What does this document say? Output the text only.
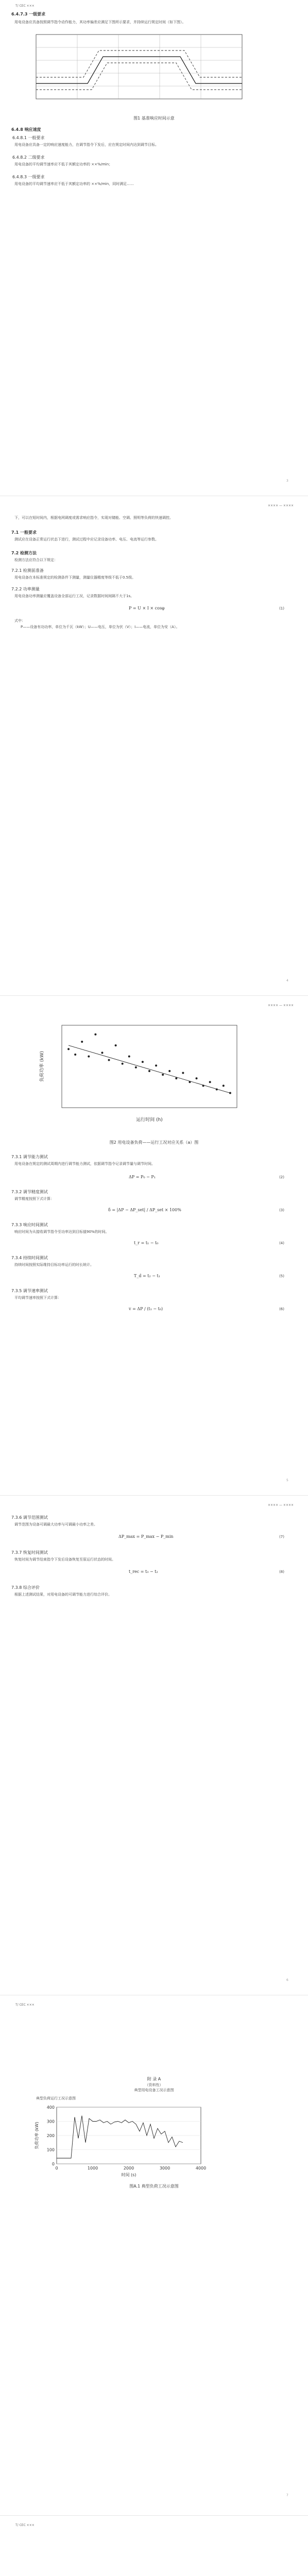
T/ CEC ×××
6.4.7.3 一级要求

用电设备应具备按照调节指令动作能力，其功率偏差应满足下图所示要求，并持续运行规定时间（如下图）。

图1 基准响应时间示意
6.4.8 响应速度
6.4.8.1 一般要求

用电设备应具备一定的响应速度能力，在调节指令下发后，应在规定时间内达到调节目标。

6.4.8.2 二级要求

用电设备的平均调节速率应不低于其额定功率的 ××%/min；

6.4.8.3 一级要求

用电设备的平均调节速率应不低于其额定功率的 ××%/min，同时满足……

3
×××× — ××××

下，可以在短时间内，根据电网调度或需求响应指令，实现对储能、空调、照明等负荷的快速调控。

7.1 一般要求

测试应在设备正常运行状态下进行，测试过程中应记录设备功率、电压、电流等运行参数。

7.2 检测方法

检测方法应符合以下规定：

7.2.1 检测前准备

用电设备在本标准规定的检测条件下测量，测量仪器精度等级不低于0.5级。

7.2.2 功率测量

用电设备功率测量应覆盖设备全部运行工况，记录数据时间间隔不大于1s。

P = U × I × cosφ	(1)
式中：

P——设备有功功率，单位为千瓦（kW）；U——电压，单位为伏（V）；I——电流，单位为安（A）。

4
×××× — ××××
运行时间 (h)
负荷功率 (kW)
图2 用电设备负荷——运行工况对应关系（a）图
7.3.1 调节能力测试

用电设备在规定的测试周期内进行调节能力测试，依据调节指令记录调节量与调节时间。

ΔP = P₀ − P₁	(2)
7.3.2 调节精度测试

调节精度按照下式计算：

δ = |ΔP − ΔP_set| / ΔP_set × 100%	(3)
7.3.3 响应时间测试

响应时间为从接收调节指令至功率达到目标值90%的时间。

t_r = t₁ − t₀	(4)
7.3.4 持续时间测试

持续时间按照实际维持目标功率运行的时长统计。

T_d = t₂ − t₁	(5)
7.3.5 调节速率测试

平均调节速率按照下式计算：

v = ΔP / (t₁ − t₀)	(6)
5
×××× — ××××
7.3.6 调节范围测试

调节范围为设备可调最大功率与可调最小功率之差。

ΔP_max = P_max − P_min	(7)
7.3.7 恢复时间测试

恢复时间为调节结束指令下发后设备恢复至原运行状态的时间。

t_rec = t₃ − t₂	(8)
7.3.8 综合评价

根据上述测试结果，对用电设备的可调节能力进行综合评价。

6
T/ CEC ×××
附 录 A
（资料性）
典型用电设备工况示意图
典型负荷运行工况示意图
0
100
200
300
400
0	1000	2000	3000	4000
时间 (s)
负荷功率 (kW)
图A.1 典型负荷工况示意图
7
T/ CEC ×××
